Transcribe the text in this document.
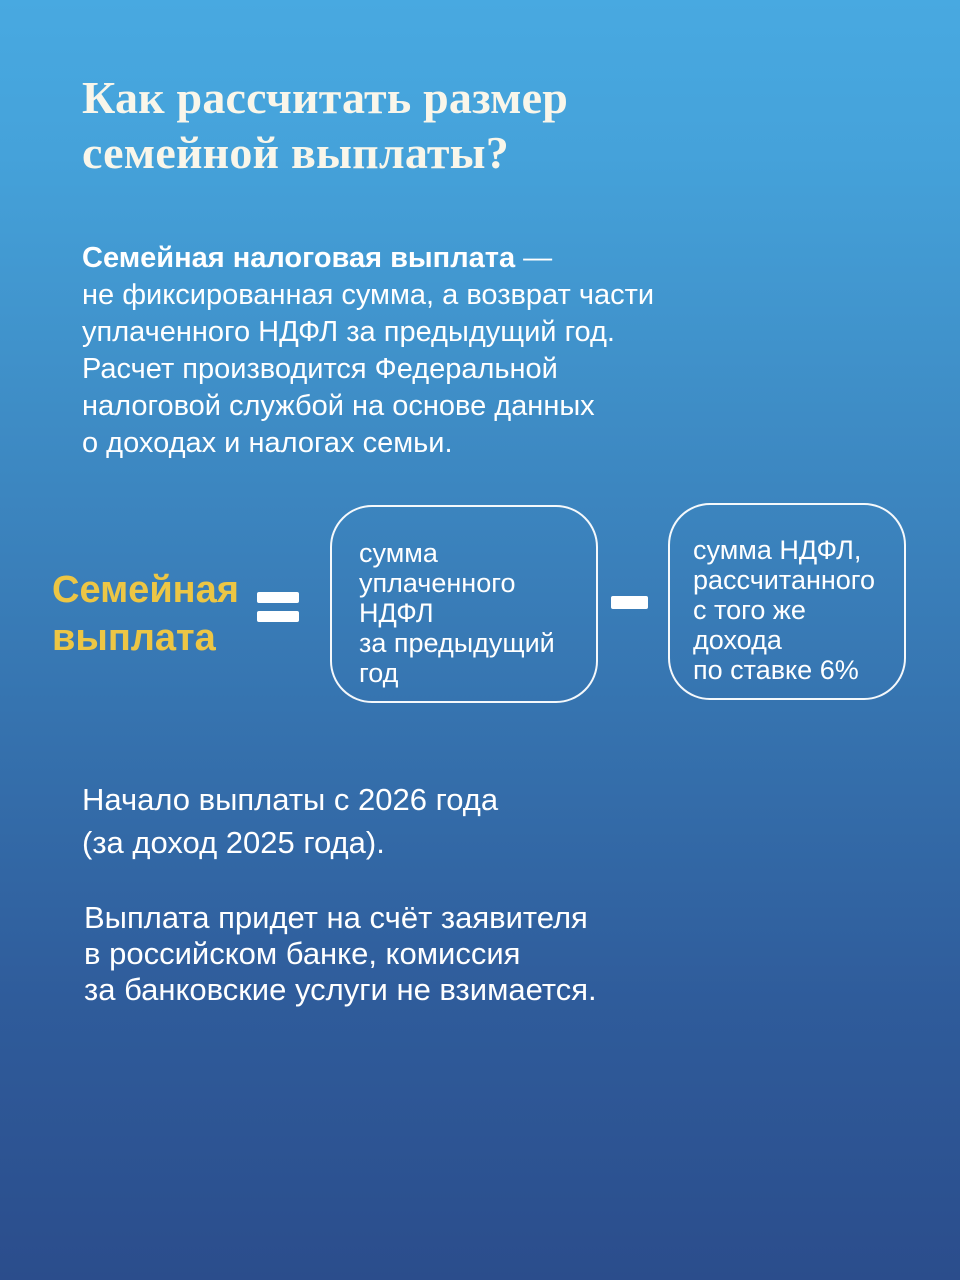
Как рассчитать размер
семейной выплаты?

Семейная налоговая выплата —
не фиксированная сумма, а возврат части
уплаченного НДФЛ за предыдущий год.
Расчет производится Федеральной
налоговой службой на основе данных
о доходах и налогах семьи.

Семейная
выплата

сумма
уплаченного
НДФЛ
за предыдущий
год
сумма НДФЛ,
рассчитанного
с того же
дохода
по ставке 6%

Начало выплаты с 2026 года
(за доход 2025 года).

Выплата придет на счёт заявителя
в российском банке, комиссия
за банковские услуги не взимается.
